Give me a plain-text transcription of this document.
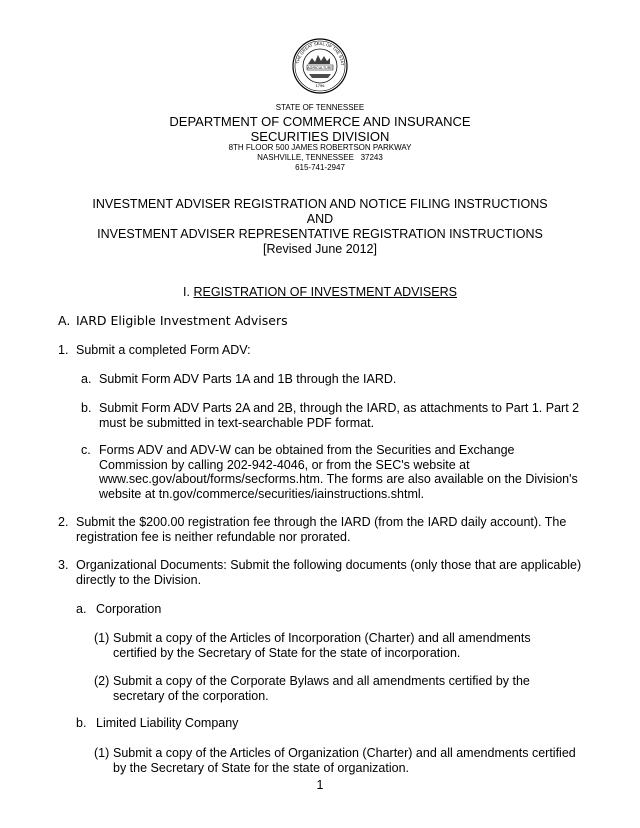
THE GREAT SEAL OF THE STAT
AGRICULTURE
1796
STATE OF TENNESSEE
DEPARTMENT OF COMMERCE AND INSURANCE
SECURITIES DIVISION
8TH FLOOR 500 JAMES ROBERTSON PARKWAY
NASHVILLE, TENNESSEE   37243
615-741-2947
INVESTMENT ADVISER REGISTRATION AND NOTICE FILING INSTRUCTIONS
AND
INVESTMENT ADVISER REPRESENTATIVE REGISTRATION INSTRUCTIONS
[Revised June 2012]
I. REGISTRATION OF INVESTMENT ADVISERS
A. IARD Eligible Investment Advisers
1. Submit a completed Form ADV:
a. Submit Form ADV Parts 1A and 1B through the IARD.
b. Submit Form ADV Parts 2A and 2B, through the IARD, as attachments to Part 1. Part 2
must be submitted in text-searchable PDF format.
c. Forms ADV and ADV-W can be obtained from the Securities and Exchange
Commission by calling 202-942-4046, or from the SEC's website at
www.sec.gov/about/forms/secforms.htm. The forms are also available on the Division's
website at tn.gov/commerce/securities/iainstructions.shtml.
2. Submit the $200.00 registration fee through the IARD (from the IARD daily account). The
registration fee is neither refundable nor prorated.
3. Organizational Documents: Submit the following documents (only those that are applicable)
directly to the Division.
a. Corporation
(1) Submit a copy of the Articles of Incorporation (Charter) and all amendments
certified by the Secretary of State for the state of incorporation.
(2) Submit a copy of the Corporate Bylaws and all amendments certified by the
secretary of the corporation.
b. Limited Liability Company
(1) Submit a copy of the Articles of Organization (Charter) and all amendments certified
by the Secretary of State for the state of organization.
1
